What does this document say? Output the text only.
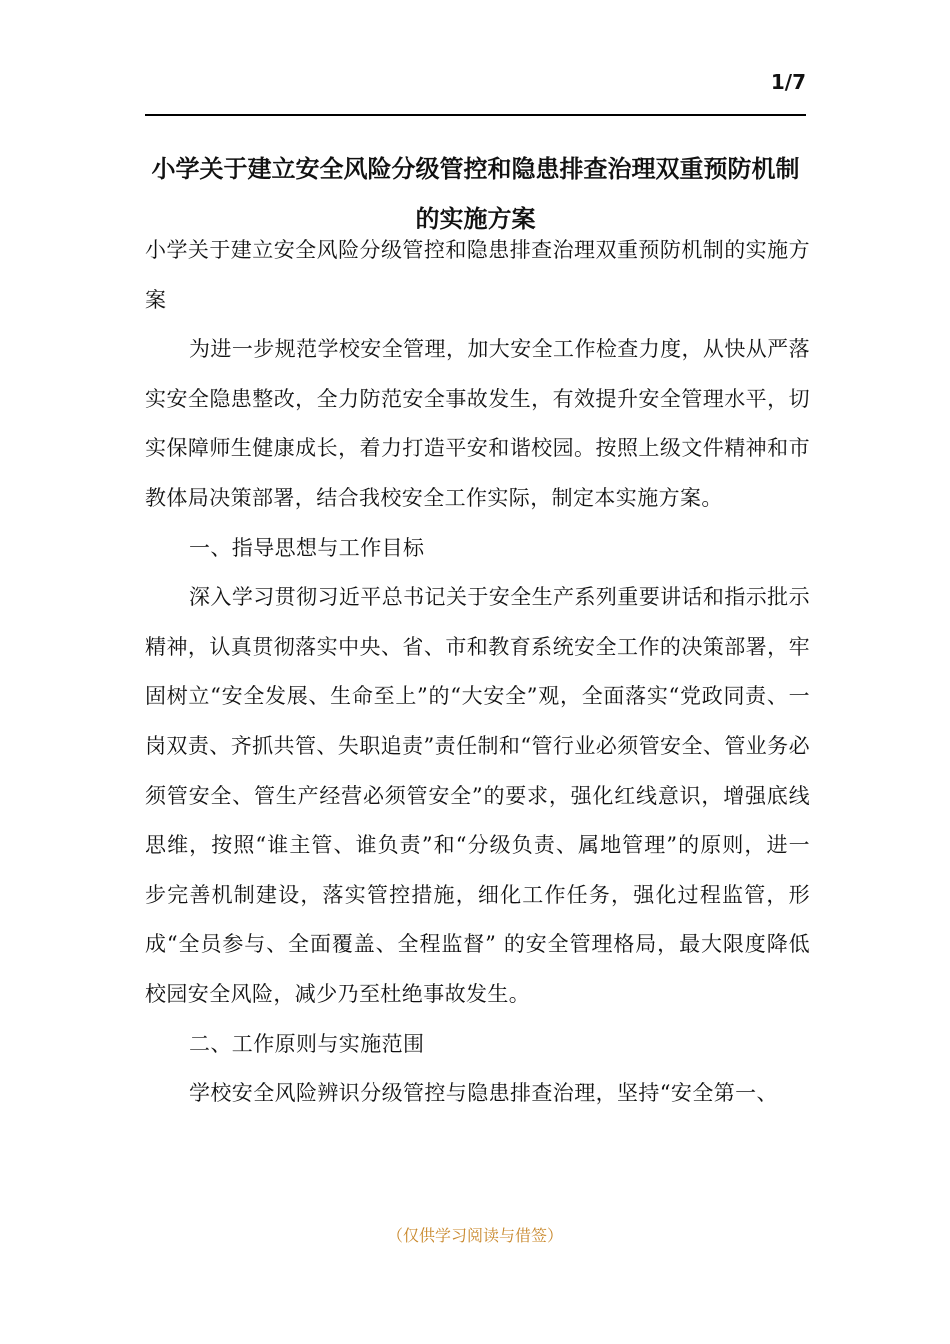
1/7
小学关于建立安全风险分级管控和隐患排查治理双重预防机制的实施方案

小学关于建立安全风险分级管控和隐患排查治理双重预防机制的实施方案

为进一步规范学校安全管理，加大安全工作检查力度，从快从严落实安全隐患整改，全力防范安全事故发生，有效提升安全管理水平，切实保障师生健康成长，着力打造平安和谐校园。按照上级文件精神和市教体局决策部署，结合我校安全工作实际，制定本实施方案。

一、指导思想与工作目标

深入学习贯彻习近平总书记关于安全生产系列重要讲话和指示批示精神，认真贯彻落实中央、省、市和教育系统安全工作的决策部署，牢固树立“安全发展、生命至上”的“大安全”观，全面落实“党政同责、一岗双责、齐抓共管、失职追责”责任制和“管行业必须管安全、管业务必须管安全、管生产经营必须管安全”的要求，强化红线意识，增强底线思维，按照“谁主管、谁负责”和“分级负责、属地管理”的原则，进一步完善机制建设，落实管控措施，细化工作任务，强化过程监管，形成“全员参与、全面覆盖、全程监督” 的安全管理格局，最大限度降低校园安全风险，减少乃至杜绝事故发生。

二、工作原则与实施范围

学校安全风险辨识分级管控与隐患排查治理，坚持“安全第一、

（仅供学习阅读与借签）
